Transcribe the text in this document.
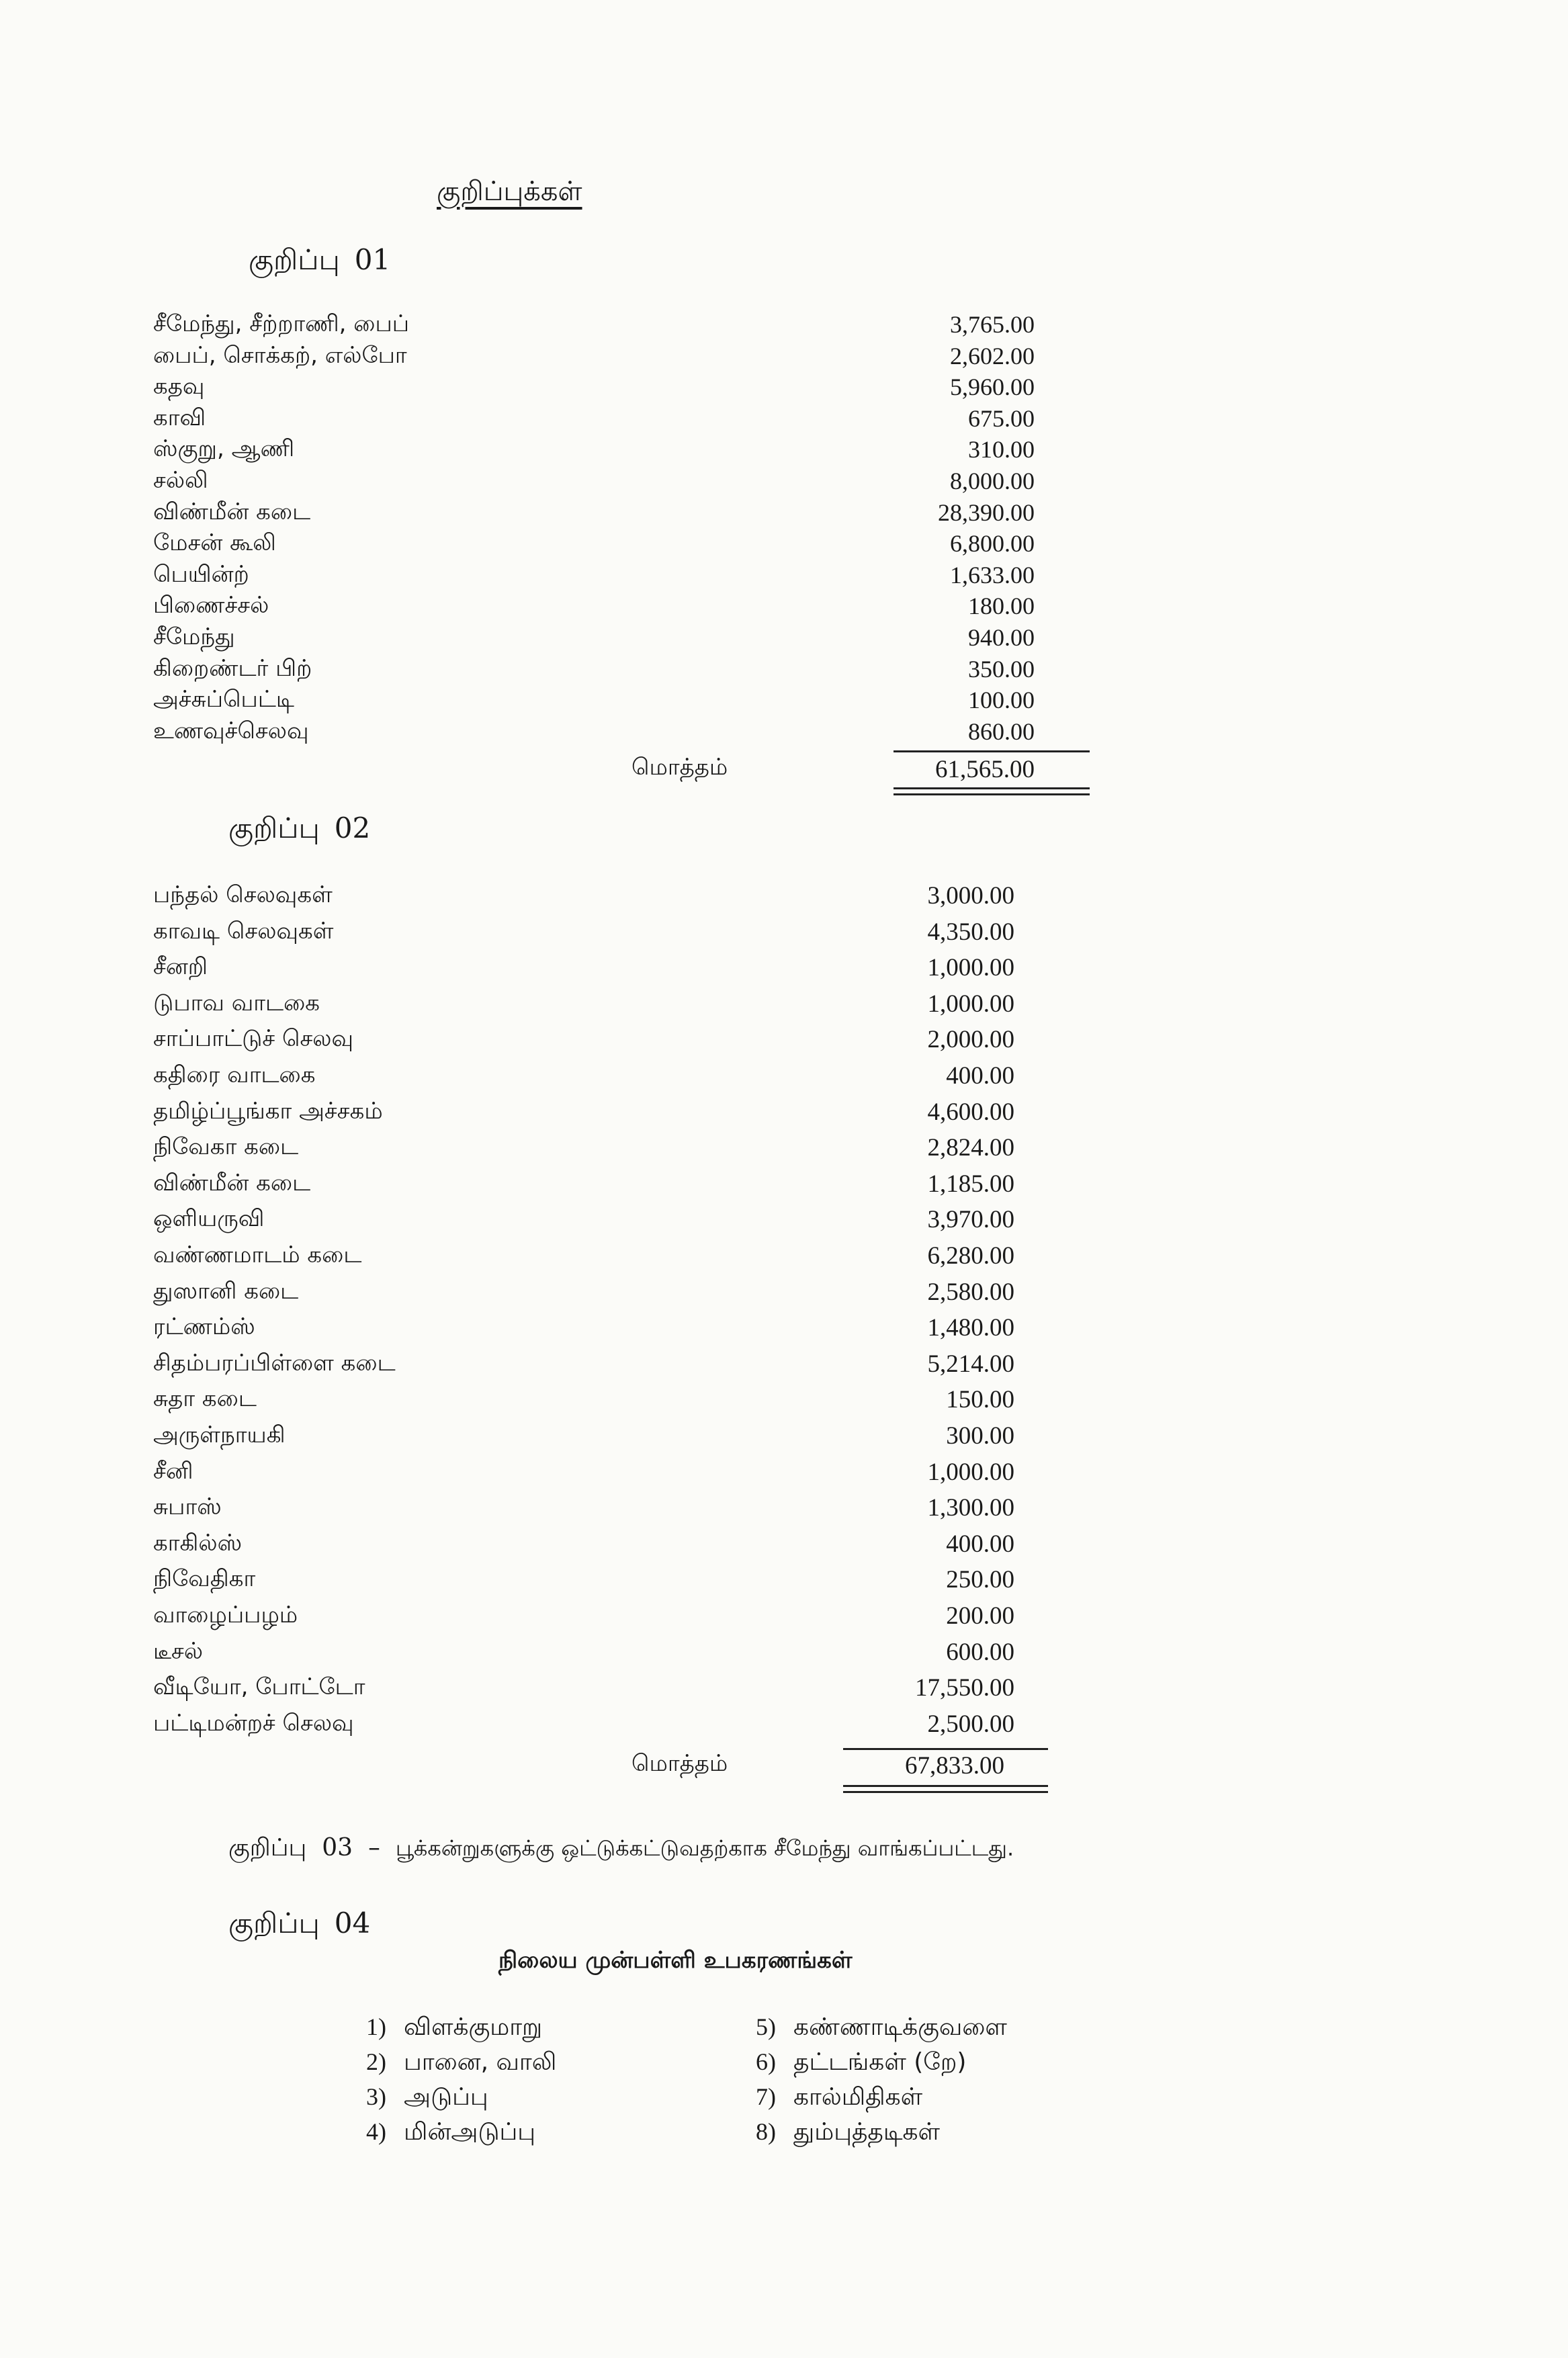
குறிப்புக்கள்
குறிப்பு 01
சீமேந்து, சீற்றாணி, பைப்	3,765.00
பைப், சொக்கற், எல்போ	2,602.00
கதவு	5,960.00
காவி	675.00
ஸ்குறு, ஆணி	310.00
சல்லி	8,000.00
விண்மீன் கடை	28,390.00
மேசன் கூலி	6,800.00
பெயின்ற்	1,633.00
பிணைச்சல்	180.00
சீமேந்து	940.00
கிறைண்டர் பிற்	350.00
அச்சுப்பெட்டி	100.00
உணவுச்செலவு	860.00
மொத்தம்	61,565.00
குறிப்பு 02
பந்தல் செலவுகள்	3,000.00
காவடி செலவுகள்	4,350.00
சீனறி	1,000.00
டுபாவ வாடகை	1,000.00
சாப்பாட்டுச் செலவு	2,000.00
கதிரை வாடகை	400.00
தமிழ்ப்பூங்கா அச்சகம்	4,600.00
நிவேகா கடை	2,824.00
விண்மீன் கடை	1,185.00
ஒளியருவி	3,970.00
வண்ணமாடம் கடை	6,280.00
துஸானி கடை	2,580.00
ரட்ணம்ஸ்	1,480.00
சிதம்பரப்பிள்ளை கடை	5,214.00
சுதா கடை	150.00
அருள்நாயகி	300.00
சீனி	1,000.00
சுபாஸ்	1,300.00
காகில்ஸ்	400.00
நிவேதிகா	250.00
வாழைப்பழம்	200.00
டீசல்	600.00
வீடியோ, போட்டோ	17,550.00
பட்டிமன்றச் செலவு	2,500.00
மொத்தம்	67,833.00
குறிப்பு 03 – பூக்கன்றுகளுக்கு ஒட்டுக்கட்டுவதற்காக சீமேந்து வாங்கப்பட்டது.
குறிப்பு 04
நிலைய முன்பள்ளி உபகரணங்கள்
1) விளக்குமாறு
2) பானை, வாலி
3) அடுப்பு
4) மின்அடுப்பு
5) கண்ணாடிக்குவளை
6) தட்டங்கள் (றே)
7) கால்மிதிகள்
8) தும்புத்தடிகள்
